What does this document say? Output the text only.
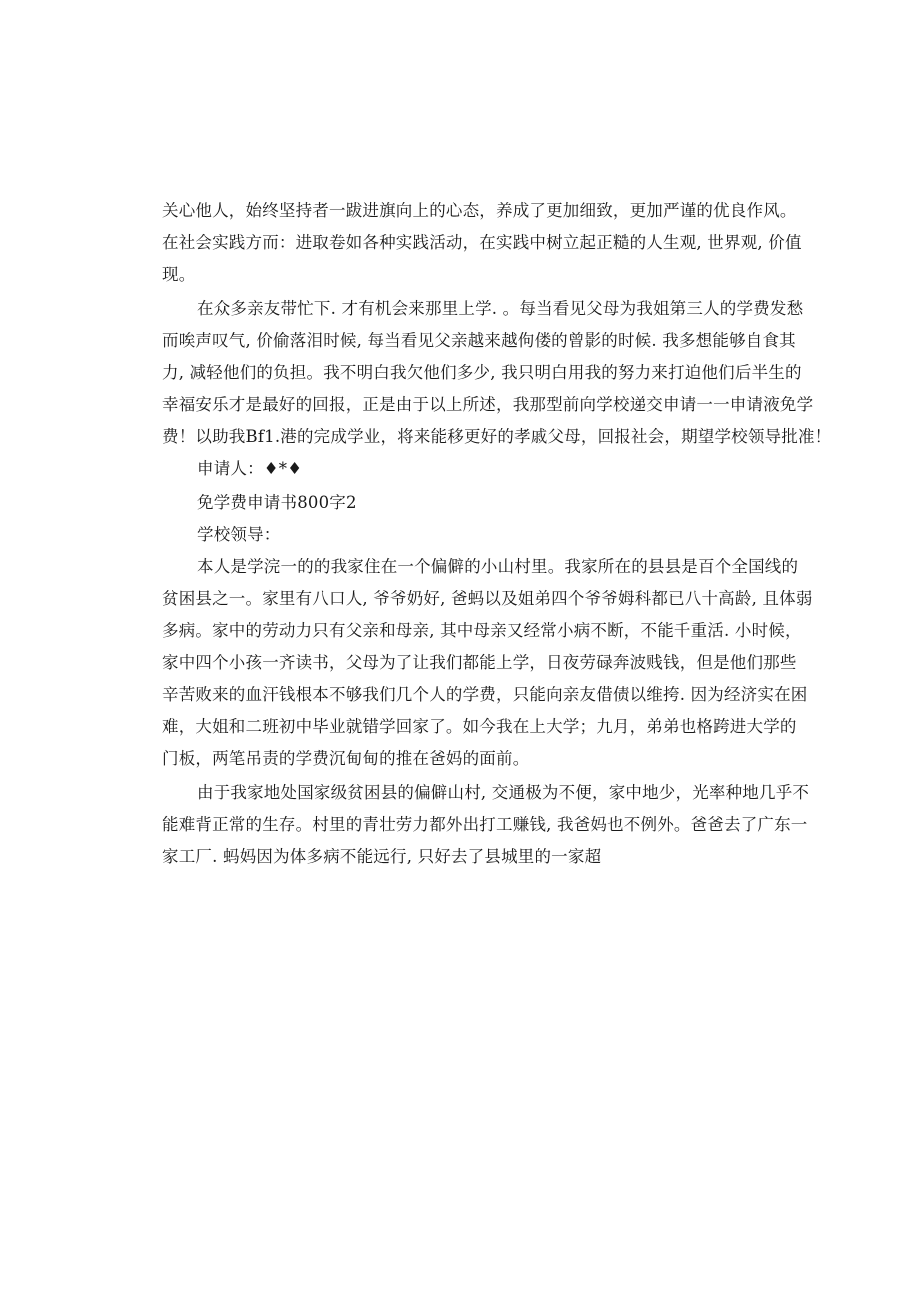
关心他人，始终坚持者一跋进旗向上的心态，养成了更加细致，更加严谨的优良作风。
在社会实践方而：进取卷如各种实践活动，在实践中树立起正糙的人生观, 世界观, 价值
现。
在众多亲友带忙下. 才有机会来那里上学. 。每当看见父母为我姐第三人的学费发愁
而唉声叹气, 价偷落泪时候, 每当看见父亲越来越佝偻的曾影的时候. 我多想能够自食其
力, 减轻他们的负担。我不明白我欠他们多少, 我只明白用我的努力来打迫他们后半生的
幸福安乐才是最好的回报，正是由于以上所述，我那型前向学校递交申请一一申请液免学
费！以助我Bf1.港的完成学业，将来能移更好的孝戚父母，回报社会，期望学校领导批准！
申请人：♦*♦
免学费申请书800字2
学校领导：
本人是学浣一的的我家住在一个偏僻的小山村里。我家所在的县县是百个全国线的
贫困县之一。家里有八口人, 爷爷奶好, 爸蚂以及姐弟四个爷爷姆科都已八十高龄, 且体弱
多病。家中的劳动力只有父亲和母亲, 其中母亲又经常小病不断，不能千重活. 小时候，
家中四个小孩一齐读书，父母为了让我们都能上学，日夜劳碌奔波贱钱，但是他们那些
辛苦败来的血汗钱根本不够我们几个人的学费，只能向亲友借债以维挎. 因为经济实在困
难，大姐和二班初中毕业就错学回家了。如今我在上大学；九月，弟弟也格跨进大学的
门板，两笔吊责的学费沉甸甸的推在爸妈的面前。
由于我家地处国家级贫困县的偏僻山村, 交通极为不便，家中地少，光率种地几乎不
能难背正常的生存。村里的青壮劳力都外出打工赚钱, 我爸妈也不例外。爸爸去了广东一
家工厂. 蚂妈因为体多病不能远行, 只好去了县城里的一家超
